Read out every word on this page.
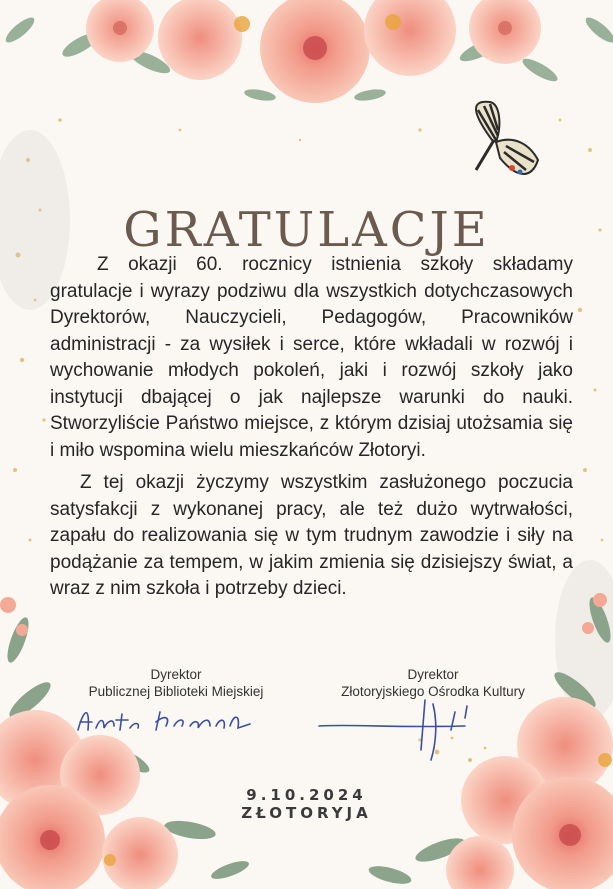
GRATULACJE

Z okazji 60. rocznicy istnienia szkoły składamy gratulacje i wyrazy podziwu dla wszystkich dotychczasowych Dyrektorów, Nauczycieli, Pedagogów, Pracowników administracji - za wysiłek i serce, które wkładali w rozwój i wychowanie młodych pokoleń, jaki i rozwój szkoły jako instytucji dbającej o jak najlepsze warunki do nauki. Stworzyliście Państwo miejsce, z którym dzisiaj utożsamia się i miło wspomina wielu mieszkańców Złotoryi.

Z tej okazji życzymy wszystkim zasłużonego poczucia satysfakcji z wykonanej pracy, ale też dużo wytrwałości, zapału do realizowania się w tym trudnym zawodzie i siły na podążanie za tempem, w jakim zmienia się dzisiejszy świat, a wraz z nim szkoła i potrzeby dzieci.

Dyrektor
Publicznej Biblioteki Miejskiej
Dyrektor
Złotoryjskiego Ośrodka Kultury
9.10.2024
ZŁOTORYJA
